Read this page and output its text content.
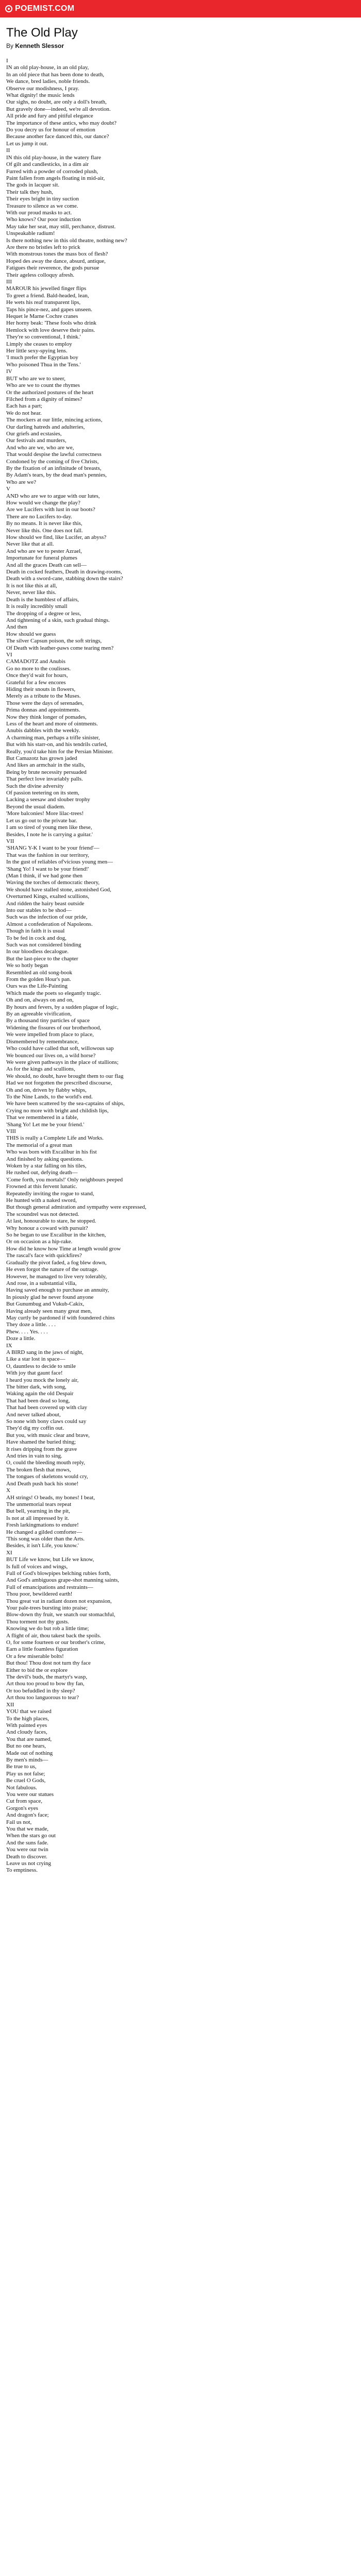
POEMIST.COM
The Old Play

By Kenneth Slessor

I
IN an old play-house, in an old play,
In an old piece that has been done to death,
We dance, bred ladies, noble friends.
Observe our modishness, I pray.
What dignity! the music lends
Our sighs, no doubt, are only a doll's breath,
But gravely done—indeed, we're all devotion.
All pride and fury and pitiful elegance
The importance of these antics, who may doubt?
Do you decry us for honour of emotion
Because another face danced this, our dance?
Let us jump it out.
II
IN this old play-house, in the watery flare
Of gilt and candlesticks, in a dim air
Furred with a powder of corroded plush,
Paint fallen from angels floating in mid-air,
The gods in lacquer sit.
Their talk they hush,
Their eyes bright in tiny suction
Treasure to silence as we come.
With our proud masks to act.
Who knows? Our poor induction
May take her seat, may still, perchance, distrust.
Unspeakable radium!
Is there nothing new in this old theatre, nothing new?
Are there no bristles left to prick
With monstrous tones the mass box of flesh?
Hoped des away the dance, absurd, antique,
Fatigues their reverence, the gods pursue
Their ageless colloquy afresh.
III
MAROUR his jewelled finger flips
To greet a friend. Bald-headed, lean,
He wets his reaf transparent lips,
Taps his pince-nez, and gapes unseen.
Hequet le Marne Cochre cranes
Her horny beak: 'These fools who drink
Hemlock with love deserve their pains.
They're so conventional, I think.'
Limply she ceases to employ
Her little sexy-spying lens.
'I much prefer the Egyptian boy
Who poisoned Thua in the Tens.'
IV
BUT who are we to sneer,
Who are we to count the rhymes
Or the authorized postures of the heart
Filched from a dignity of mimes?
Each has a part;
We do not hear.
The mockers at our little, mincing actions,
Our darling hatreds and adulteries,
Our griefs and ecstasies,
Our festivals and murders,
And who are we, who are we,
That would despise the lawful correctness
Condoned by the coming of five Christs,
By the fixation of an infinitude of breasts,
By Adam's tears, by the dead man's pennies,
Who are we?
V
AND who are we to argue with our lutes,
How would we change the play?
Are we Lucifers with lust in our boots?
There are no Lucifers to-day.
By no means. It is never like this,
Never like this. One does not fall.
How should we find, like Lucifer, an abyss?
Never like that at all.
And who are we to pester Azrael,
Importunate for funeral plumes
And all the graces Death can sell—
Death in cocked feathers, Death in drawing-rooms,
Death with a sword-cane, stabbing down the stairs?
It is not like this at all,
Never, never like this.
Death is the humblest of affairs,
It is really incredibly small
The dropping of a degree or less,
And tightening of a skin, such gradual things.
And then
How should we guess
The silver Capsun poison, the soft strings,
Of Death with leather-paws come tearing men?
VI
CAMADOTZ and Anubis
Go no more to the coulisses.
Once they'd wait for hours,
Grateful for a few encores
Hiding their snouts in flowers,
Merely as a tribute to the Muses.
Those were the days of serenades,
Prima donnas and appointments.
Now they think longer of pomades,
Less of the heart and more of ointments.
Anubis dabbles with the weekly.
A charming man, perhaps a trifle sinister,
But with his starr-on, and his tendrils curled,
Really, you'd take him for the Persian Minister.
But Camazotz has grown jaded
And likes an armchair in the stalls,
Being by brute necessity persuaded
That perfect love invariably palls.
Such the divine adversity
Of passion teetering on its stem,
Lacking a seesaw and slouber trophy
Beyond the usual diadem.
'More balconies! More lilac-trees!
Let us go out to the private bar.
I am so tired of young men like these,
Besides, I note he is carrying a guitar.'
VII
'SHANG Y-K I want to be your friend'—
That was the fashion in our territory,
In the gust of reliables of'vicious young men—
'Shang Yo! I want to be your friend!'
(Man I think, if we had gone then
Waving the torches of democratic theory,
We should have stalled stone, astonished God,
Overturned Kings, exalted scullions,
And ridden the hairy beast outside
Into our stables to be shod—
Such was the infection of our pride,
Almost a confederation of Napoleons.
Though in faith it is usual
To be fed in cock and dog,
Such was not considered binding
In our bloodless decalogue.
But the last-piece to the chapter
We so hotly began
Resembled an old song-book
From the golden Hour's pan.
Ours was the Life-Painting
Which made the poets so elegantly tragic.
Oh and on, always on and on,
By hours and fevers, by a sudden plague of logic,
By an agreeable vivification,
By a thousand tiny particles of space
Widening the fissures of our brotherhood,
We were impelled from place to place,
Dismembered by remembrance,
Who could have called that soft, willowous sap
We bounced our lives on, a wild horse?
We were given pathways in the place of stallions;
As for the kings and scullions,
We should, no doubt, have brought them to our flag
Had we not forgotten the prescribed discourse,
Oh and on, driven by flabby whips,
To the Nine Lands, to the world's end.
We have been scattered by the sea-captains of ships,
Crying no more with bright and childish lips,
That we remembered in a fable,
'Shang Yo! Let me be your friend.'
VIII
THIS is really a Complete Life and Works.
The memorial of a great man
Who was born with Excalibur in his fist
And finished by asking questions.
Woken by a star falling on his tiles,
He rushed out, defying death—
'Come forth, you mortals!' Only neighbours peeped
Frowned at this fervent lunatic.
Repeatedly inviting the rogue to stand,
He hunted with a naked sword,
But though general admiration and sympathy were expressed,
The scoundrel was not detected.
At last, honourable to stare, he stopped.
Why honour a coward with pursuit?
So he began to use Excalibur in the kitchen,
Or on occasion as a hip-rake.
How did he know how Time at length would grow
The rascal's face with quickfires?
Gradually the pivot faded, a fog blew down,
He even forgot the nature of the outrage.
However, he managed to live very tolerably,
And rose, in a substantial villa,
Having saved enough to purchase an annuity,
In piously glad he never found anyone
But Gunumbug and Vukub-Cakix,
Having already seen many great men,
May curtly be pardoned if with foundered chins
They doze a little. . . .
Phew. . . . Yes. . . .
Doze a little.
IX
A BIRD sang in the jaws of night,
Like a star lost in space—
O, dauntless to decide to smile
With joy that gaunt face!
I heard you mock the lonely air,
The bitter dark, with song,
Waking again the old Despair
That had been dead so long,
That had been covered up with clay
And never talked about,
So none with bony claws could say
They'd dig my coffin out.
But you, with music clear and brave,
Have shamed the buried thing;
It rises dripping from the grave
And tries in vain to sing.
O, could the bleeding mouth reply,
The broken flesh that mows,
The tongues of skeletons would cry,
And Death push back his stone!
X
AH strings! O beads, my bones! I beat,
The unmemorial tears repeat
But bell, yearning in the pit,
Is not at all impressed by it.
Fresh larkingmations to endure!
He changed a gilded comforter—
'This song was older than the Arts.
Besides, it isn't Life, you know.'
XI
BUT Life we know, but Life we know,
Is full of voices and wings,
Full of God's blowpipes belching rubies forth,
And God's ambiguous grape-shot manning saints,
Full of emancipations and restraints—
Thou poor, bewildered earth!
Thou great vat in radiant dozen not expansion,
Your pale-trees bursting into praise;
Blow-down thy fruit, we snatch our stomachful,
Thou torment not thy gusts.
Knowing we do but rob a little time;
A flight of air, thou takest back the spoils.
O, for some fourteen or our brother's crime,
Earn a little foamless figuration
Or a few miserable bolts!
But thou! Thou dost not turn thy face
Either to bid the or explore
The devil's buds, the martyr's wasp,
Art thou too proud to bow thy fan,
Or too befuddled in thy sleep?
Art thou too languorous to tear?
XII
YOU that we raised
To the high places,
With painted eyes
And cloudy faces,
You that are named,
But no one hears,
Made out of nothing
By men's minds—
Be true to us,
Play us not false;
Be cruel O Gods,
Not fabulous.
You were our statues
Cut from space,
Gorgon's eyes
And dragon's face;
Fail us not,
You that we made,
When the stars go out
And the suns fade.
You were our twin
Death to discover.
Leave us not crying
To emptiness.
